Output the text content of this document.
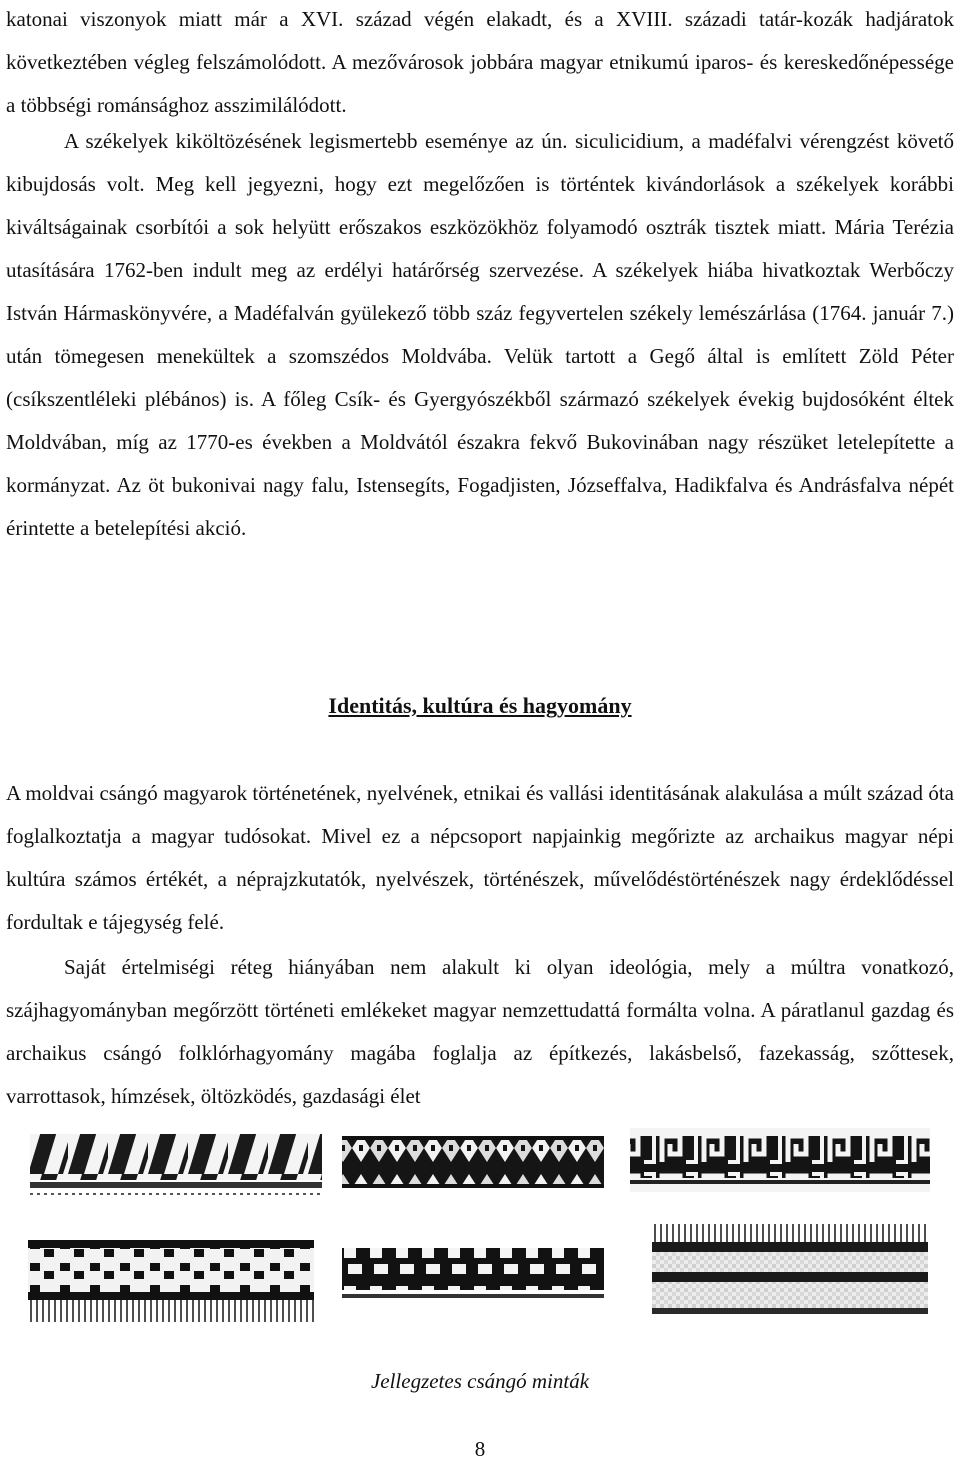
katonai viszonyok miatt már a XVI. század végén elakadt, és a XVIII. századi tatár-kozák hadjáratok következtében végleg felszámolódott. A mezővárosok jobbára magyar etnikumú iparos- és kereskedőnépessége a többségi románsághoz asszimilálódott.

A székelyek kiköltözésének legismertebb eseménye az ún. siculicidium, a madéfalvi vérengzést követő kibujdosás volt. Meg kell jegyezni, hogy ezt megelőzően is történtek kivándorlások a székelyek korábbi kiváltságainak csorbítói a sok helyütt erőszakos eszközökhöz folyamodó osztrák tisztek miatt. Mária Terézia utasítására 1762-ben indult meg az erdélyi határőrség szervezése. A székelyek hiába hivatkoztak Werbőczy István Hármaskönyvére, a Madéfalván gyülekező több száz fegyvertelen székely lemészárlása (1764. január 7.) után tömegesen menekültek a szomszédos Moldvába. Velük tartott a Gegő által is említett Zöld Péter (csíkszentléleki plébános) is. A főleg Csík- és Gyergyószékből származó székelyek évekig bujdosóként éltek Moldvában, míg az 1770-es években a Moldvától északra fekvő Bukovinában nagy részüket letelepítette a kormányzat. Az öt bukonivai nagy falu, Istensegíts, Fogadjisten, Józseffalva, Hadikfalva és Andrásfalva népét érintette a betelepítési akció.

Identitás, kultúra és hagyomány

A moldvai csángó magyarok történetének, nyelvének, etnikai és vallási identitásának alakulása a múlt század óta foglalkoztatja a magyar tudósokat. Mivel ez a népcsoport napjainkig megőrizte az archaikus magyar népi kultúra számos értékét, a néprajzkutatók, nyelvészek, történészek, művelődéstörténészek nagy érdeklődéssel fordultak e tájegység felé.

Saját értelmiségi réteg hiányában nem alakult ki olyan ideológia, mely a múltra vonatkozó, szájhagyományban megőrzött történeti emlékeket magyar nemzettudattá formálta volna. A páratlanul gazdag és archaikus csángó folklórhagyomány magába foglalja az építkezés, lakásbelső, fazekasság, szőttesek, varrottasok, hímzések, öltözködés, gazdasági élet

Jellegzetes csángó minták
8
